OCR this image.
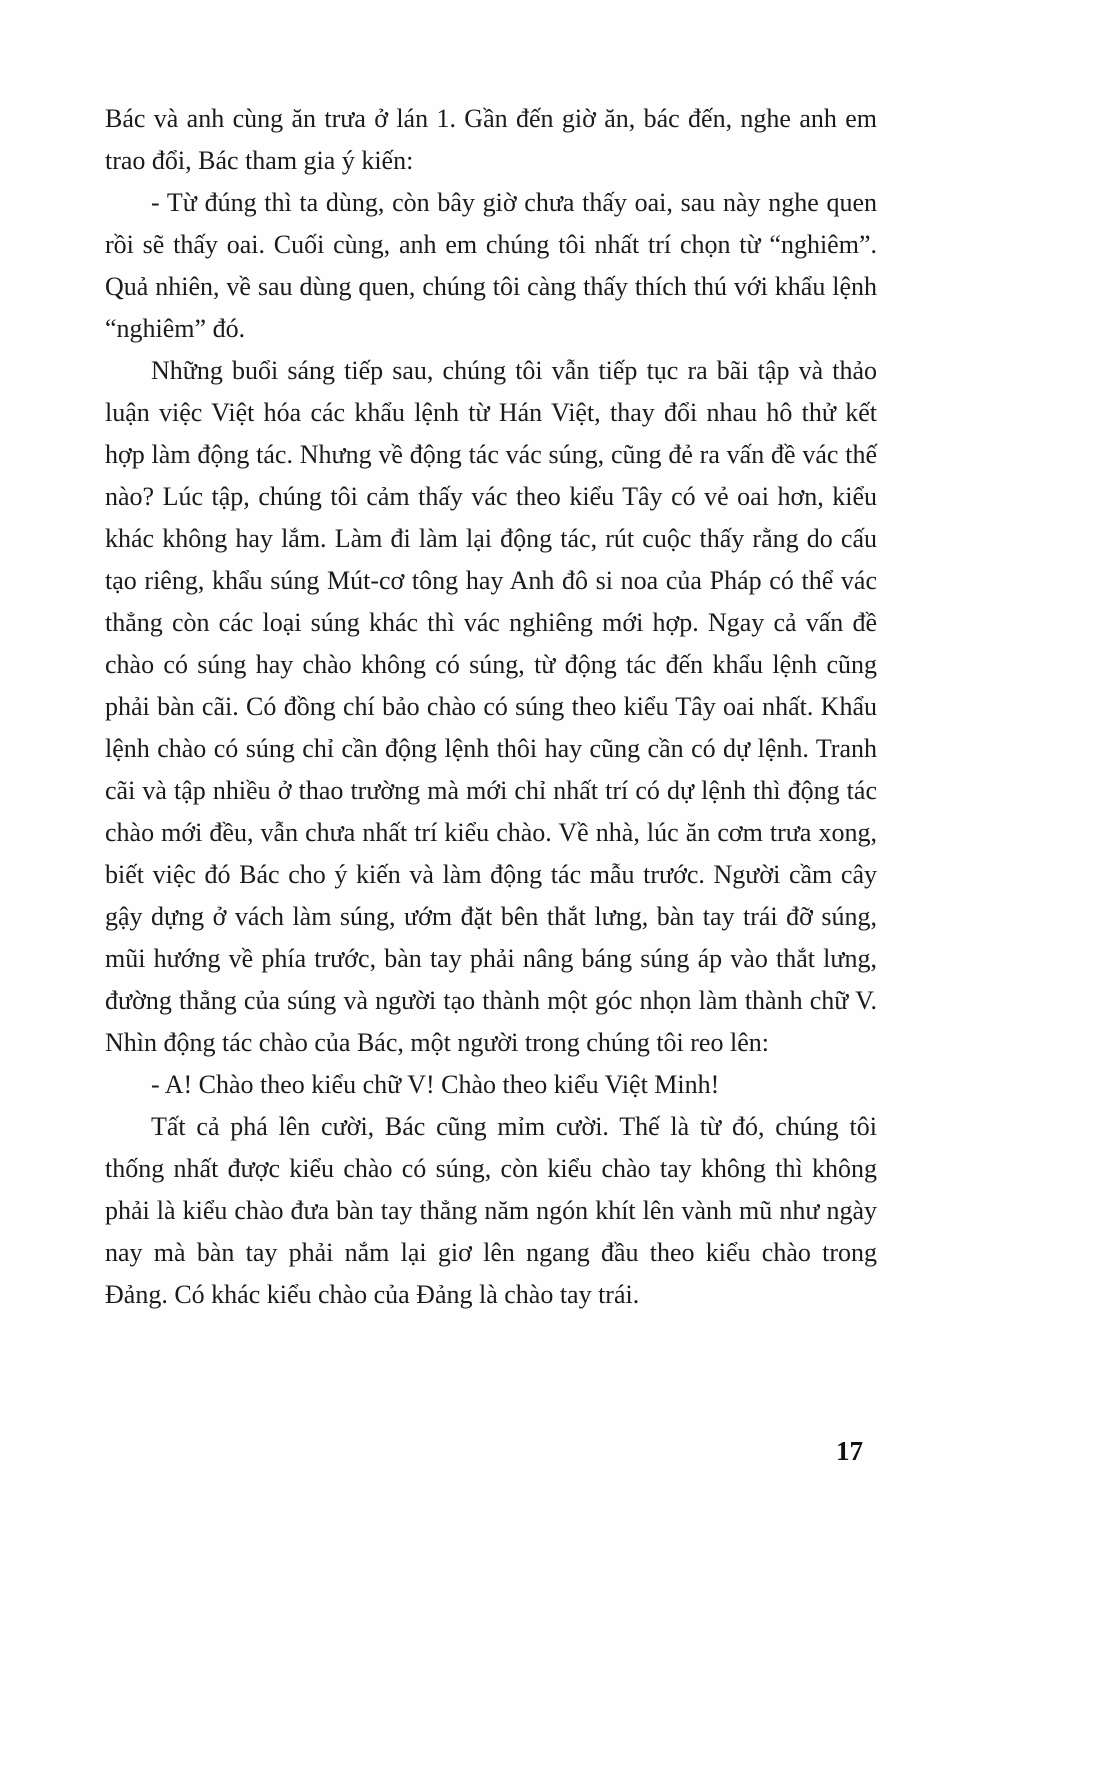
Bác và anh cùng ăn trưa ở lán 1. Gần đến giờ ăn, bác đến, nghe anh em trao đổi, Bác tham gia ý kiến:

- Từ đúng thì ta dùng, còn bây giờ chưa thấy oai, sau này nghe quen rồi sẽ thấy oai. Cuối cùng, anh em chúng tôi nhất trí chọn từ “nghiêm”. Quả nhiên, về sau dùng quen, chúng tôi càng thấy thích thú với khẩu lệnh “nghiêm” đó.

Những buổi sáng tiếp sau, chúng tôi vẫn tiếp tục ra bãi tập và thảo luận việc Việt hóa các khẩu lệnh từ Hán Việt, thay đổi nhau hô thử kết hợp làm động tác. Nhưng về động tác vác súng, cũng đẻ ra vấn đề vác thế nào? Lúc tập, chúng tôi cảm thấy vác theo kiểu Tây có vẻ oai hơn, kiểu khác không hay lắm. Làm đi làm lại động tác, rút cuộc thấy rằng do cấu tạo riêng, khẩu súng Mút-cơ tông hay Anh đô si noa của Pháp có thể vác thẳng còn các loại súng khác thì vác nghiêng mới hợp. Ngay cả vấn đề chào có súng hay chào không có súng, từ động tác đến khẩu lệnh cũng phải bàn cãi. Có đồng chí bảo chào có súng theo kiểu Tây oai nhất. Khẩu lệnh chào có súng chỉ cần động lệnh thôi hay cũng cần có dự lệnh. Tranh cãi và tập nhiều ở thao trường mà mới chỉ nhất trí có dự lệnh thì động tác chào mới đều, vẫn chưa nhất trí kiểu chào. Về nhà, lúc ăn cơm trưa xong, biết việc đó Bác cho ý kiến và làm động tác mẫu trước. Người cầm cây gậy dựng ở vách làm súng, ướm đặt bên thắt lưng, bàn tay trái đỡ súng, mũi hướng về phía trước, bàn tay phải nâng báng súng áp vào thắt lưng, đường thẳng của súng và người tạo thành một góc nhọn làm thành chữ V. Nhìn động tác chào của Bác, một người trong chúng tôi reo lên:

- A! Chào theo kiểu chữ V! Chào theo kiểu Việt Minh!

Tất cả phá lên cười, Bác cũng mỉm cười. Thế là từ đó, chúng tôi thống nhất được kiểu chào có súng, còn kiểu chào tay không thì không phải là kiểu chào đưa bàn tay thẳng năm ngón khít lên vành mũ như ngày nay mà bàn tay phải nắm lại giơ lên ngang đầu theo kiểu chào trong Đảng. Có khác kiểu chào của Đảng là chào tay trái.

17
